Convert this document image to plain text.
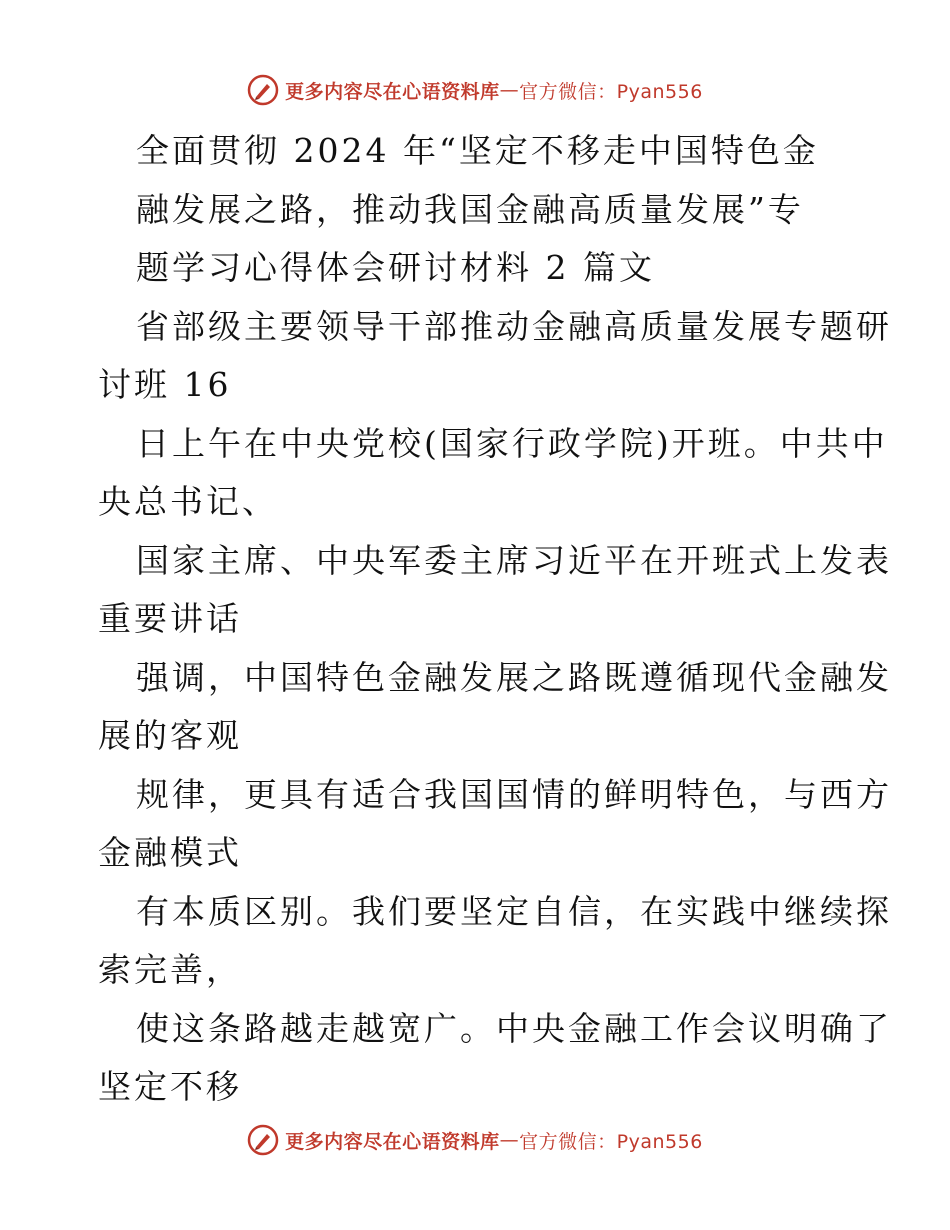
更多内容尽在心语资料库 — 官方微信：Pyan556
全面贯彻 2024 年“坚定不移走中国特色金
融发展之路，推动我国金融高质量发展”专
题学习心得体会研讨材料 2 篇文
省部级主要领导干部推动金融高质量发展专题研
讨班 16
日上午在中央党校(国家行政学院)开班。中共中
央总书记、
国家主席、中央军委主席习近平在开班式上发表
重要讲话
强调，中国特色金融发展之路既遵循现代金融发
展的客观
规律，更具有适合我国国情的鲜明特色，与西方
金融模式
有本质区别。我们要坚定自信，在实践中继续探
索完善，
使这条路越走越宽广。中央金融工作会议明确了
坚定不移
更多内容尽在心语资料库 — 官方微信：Pyan556
